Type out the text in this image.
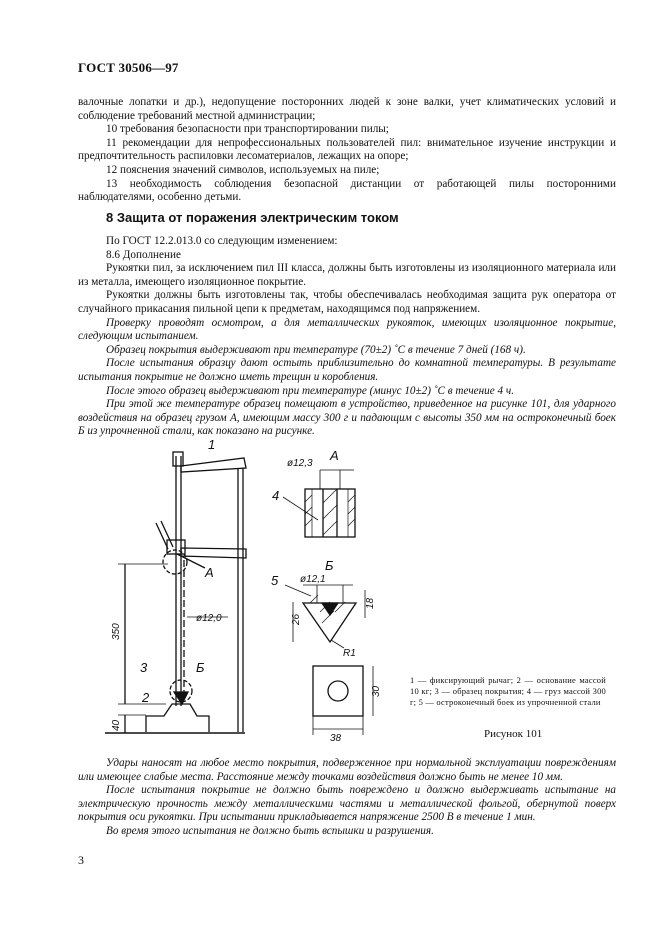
ГОСТ 30506—97

валочные лопатки и др.), недопущение посторонних людей к зоне валки, учет климатических условий и соблюдение требований местной администрации;

10 требования безопасности при транспортировании пилы;

11 рекомендации для непрофессиональных пользователей пил: внимательное изучение инструкции и предпочтительность распиловки лесоматериалов, лежащих на опоре;

12 пояснения значений символов, используемых на пиле;

13 необходимость соблюдения безопасной дистанции от работающей пилы посторонними наблюдателями, особенно детьми.

8 Защита от поражения электрическим током

По ГОСТ 12.2.013.0 со следующим изменением:

8.6 Дополнение

Рукоятки пил, за исключением пил III класса, должны быть изготовлены из изоляционного материала или из металла, имеющего изоляционное покрытие.

Рукоятки должны быть изготовлены так, чтобы обеспечивалась необходимая защита рук оператора от случайного прикасания пильной цепи к предметам, находящимся под напряжением.

Проверку проводят осмотром, а для металлических рукояток, имеющих изоляционное покрытие, следующим испытанием.

Образец покрытия выдерживают при температуре (70±2) ˚С в течение 7 дней (168 ч).

После испытания образцу дают остыть приблизительно до комнатной температуры. В результате испытания покрытие не должно иметь трещин и коробления.

После этого образец выдерживают при температуре (минус 10±2) ˚С в течение 4 ч.

При этой же температуре образец помещают в устройство, приведенное на рисунке 101, для ударного воздействия на образец грузом А, имеющим массу 300 г и падающим с высоты 350 мм на остроконечный боек Б из упрочненной стали, как показано на рисунке.

1
А
Б
3
2
ø12,0
350
40
ø12,3
А
4
Б
ø12,1
5
26
18
R1
30
38
1 — фиксирующий рычаг; 2 — основание массой 10 кг; 3 — образец покрытия; 4 — груз массой 300 г; 5 — остроконечный боек из упрочненной стали
Рисунок 101

Удары наносят на любое место покрытия, подверженное при нормальной эксплуатации повреждениям или имеющее слабые места. Расстояние между точками воздействия должно быть не менее 10 мм.

После испытания покрытие не должно быть повреждено и должно выдерживать испытание на электрическую прочность между металлическими частями и металлической фольгой, обернутой поверх покрытия оси рукоятки. При испытании прикладывается напряжение 2500 В в течение 1 мин.

Во время этого испытания не должно быть вспышки и разрушения.

3
